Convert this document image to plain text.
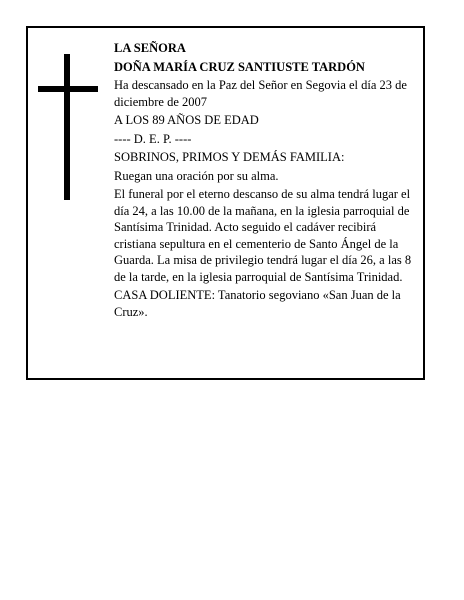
LA SEÑORA

DOÑA MARÍA CRUZ SANTIUSTE TARDÓN

Ha descansado en la Paz del Señor en Segovia el día 23 de diciembre de 2007

A LOS 89 AÑOS DE EDAD

---- D. E. P. ----

SOBRINOS, PRIMOS Y DEMÁS FAMILIA:

Ruegan una oración por su alma.

El funeral por el eterno descanso de su alma tendrá lugar el día 24, a las 10.00 de la mañana, en la iglesia parroquial de Santísima Trinidad. Acto seguido el cadáver recibirá cristiana sepultura en el cementerio de Santo Ángel de la Guarda. La misa de privilegio tendrá lugar el día 26, a las 8 de la tarde, en la iglesia parroquial de Santísima Trinidad.

CASA DOLIENTE: Tanatorio segoviano «San Juan de la Cruz».
